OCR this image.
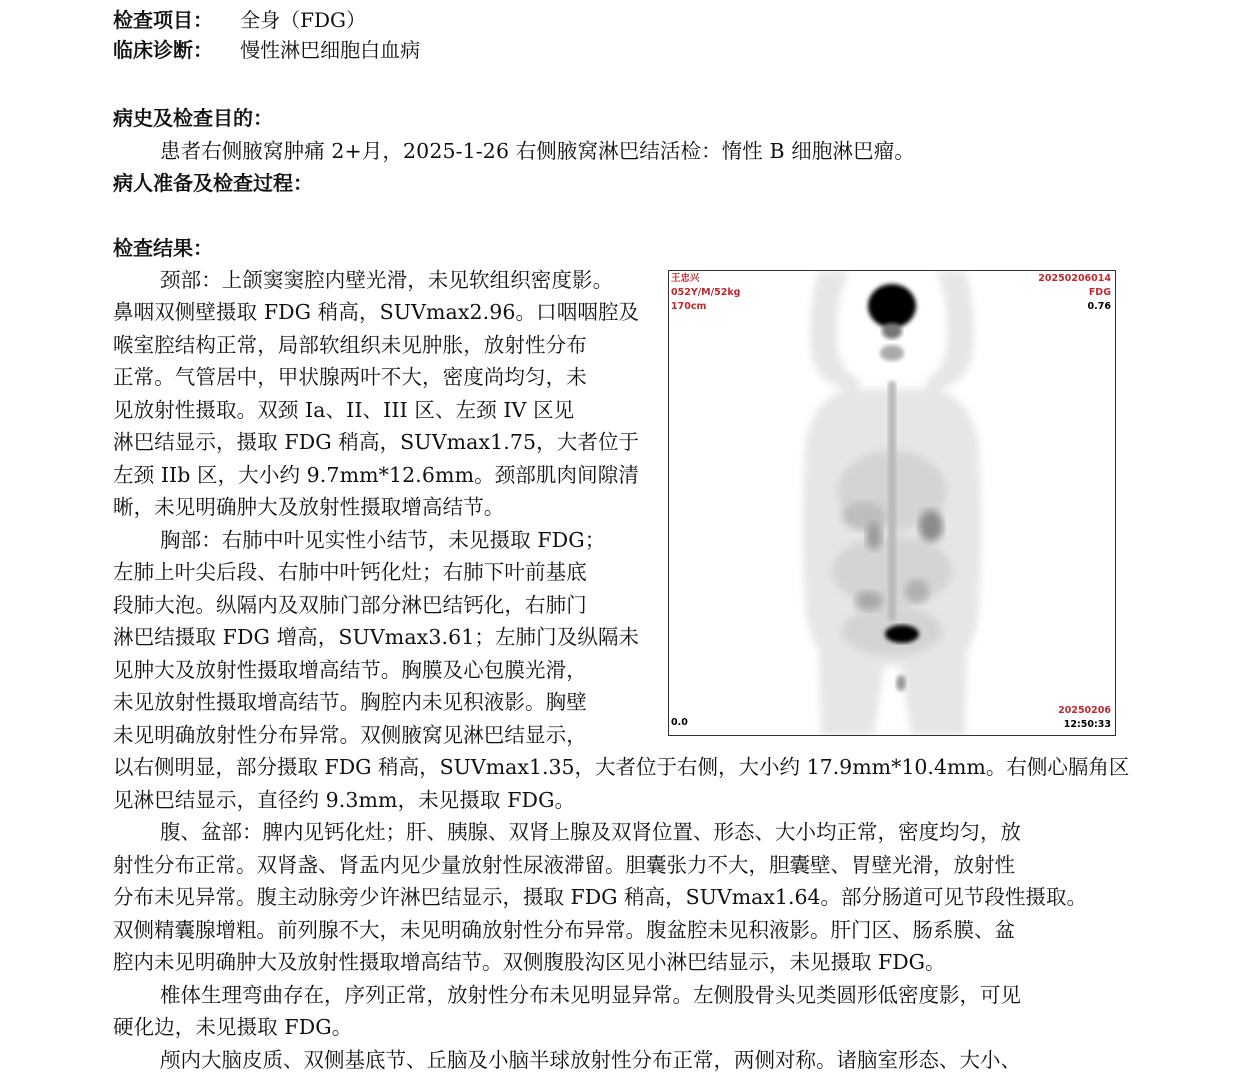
检查项目： 全身（FDG）
临床诊断： 慢性淋巴细胞白血病
病史及检查目的：
患者右侧腋窝肿痛 2+月，2025-1-26 右侧腋窝淋巴结活检：惰性 B 细胞淋巴瘤。
病人准备及检查过程：
检查结果：
颈部：上颌窦窦腔内壁光滑，未见软组织密度影。
鼻咽双侧壁摄取 FDG 稍高，SUVmax2.96。口咽咽腔及
喉室腔结构正常，局部软组织未见肿胀，放射性分布
正常。气管居中，甲状腺两叶不大，密度尚均匀，未
见放射性摄取。双颈 Ia、II、III 区、左颈 IV 区见
淋巴结显示，摄取 FDG 稍高，SUVmax1.75，大者位于
左颈 IIb 区，大小约 9.7mm*12.6mm。颈部肌肉间隙清
晰，未见明确肿大及放射性摄取增高结节。
胸部：右肺中叶见实性小结节，未见摄取 FDG；
左肺上叶尖后段、右肺中叶钙化灶；右肺下叶前基底
段肺大泡。纵隔内及双肺门部分淋巴结钙化，右肺门
淋巴结摄取 FDG 增高，SUVmax3.61；左肺门及纵隔未
见肿大及放射性摄取增高结节。胸膜及心包膜光滑，
未见放射性摄取增高结节。胸腔内未见积液影。胸壁
未见明确放射性分布异常。双侧腋窝见淋巴结显示，
以右侧明显，部分摄取 FDG 稍高，SUVmax1.35，大者位于右侧，大小约 17.9mm*10.4mm。右侧心膈角区
见淋巴结显示，直径约 9.3mm，未见摄取 FDG。
腹、盆部：脾内见钙化灶；肝、胰腺、双肾上腺及双肾位置、形态、大小均正常，密度均匀，放
射性分布正常。双肾盏、肾盂内见少量放射性尿液滞留。胆囊张力不大，胆囊壁、胃壁光滑，放射性
分布未见异常。腹主动脉旁少许淋巴结显示，摄取 FDG 稍高，SUVmax1.64。部分肠道可见节段性摄取。
双侧精囊腺增粗。前列腺不大，未见明确放射性分布异常。腹盆腔未见积液影。肝门区、肠系膜、盆
腔内未见明确肿大及放射性摄取增高结节。双侧腹股沟区见小淋巴结显示，未见摄取 FDG。
椎体生理弯曲存在，序列正常，放射性分布未见明显异常。左侧股骨头见类圆形低密度影，可见
硬化边，未见摄取 FDG。
颅内大脑皮质、双侧基底节、丘脑及小脑半球放射性分布正常，两侧对称。诸脑室形态、大小、
王忠兴
052Y/M/52kg
170cm
20250206014
FDG
0.76
0.0
20250206
12:50:33
